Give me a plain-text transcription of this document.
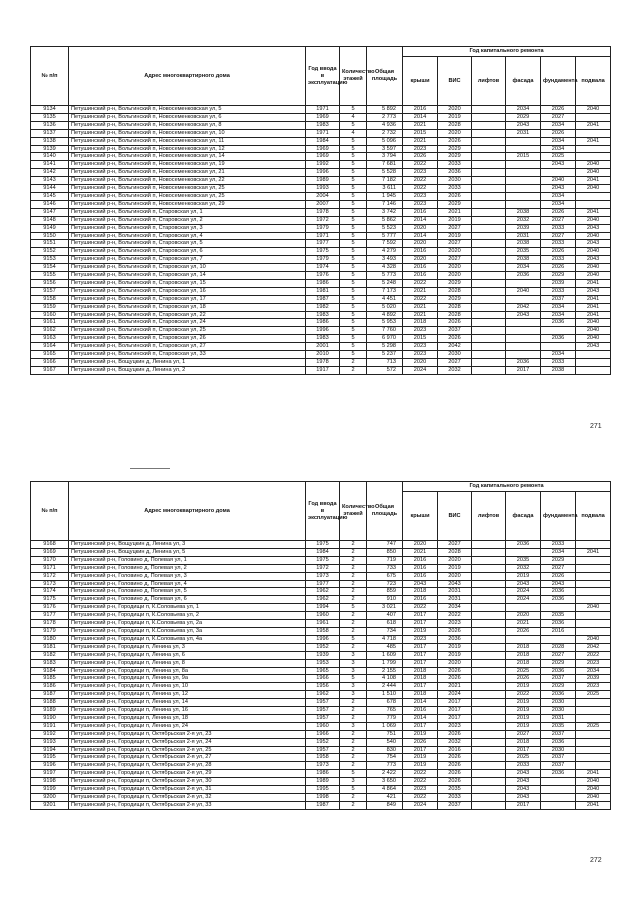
№ п/п	Адрес многоквартирного дома	Год ввода в эксплуатацию	Количество этажей	Общая площадь	Год капитального ремонта					
					крыши	ВИС	лифтов	фасада	фундамента	подвала
9134	Петушинский р-н, Вольгинский п, Новосеменковская ул, 5	1971	5	5 892	2016	2020		2034	2026	2040
9135	Петушинский р-н, Вольгинский п, Новосеменковская ул, 6	1969	4	2 773	2014	2019		2029	2027	
9136	Петушинский р-н, Вольгинский п, Новосеменковская ул, 8	1983	5	4 936	2021	2028		2043	2034	2041
9137	Петушинский р-н, Вольгинский п, Новосеменковская ул, 10	1971	4	2 732	2015	2020		2031	2026	
9138	Петушинский р-н, Вольгинский п, Новосеменковская ул, 11	1984	5	5 096	2021	2026			2034	2041
9139	Петушинский р-н, Вольгинский п, Новосеменковская ул, 12	1969	5	3 597	2023	2029			2034	
9140	Петушинский р-н, Вольгинский п, Новосеменковская ул, 14	1969	5	3 794	2026	2029		2015	2025	
9141	Петушинский р-н, Вольгинский п, Новосеменковская ул, 19	1992	5	7 681	2022	2033			2043	2040
9142	Петушинский р-н, Вольгинский п, Новосеменковская ул, 21	1996	5	5 528	2023	2036				2040
9143	Петушинский р-н, Вольгинский п, Новосеменковская ул, 22	1989	5	7 182	2022	2030			2040	2041
9144	Петушинский р-н, Вольгинский п, Новосеменковская ул, 25	1993	5	3 611	2022	2033			2043	2040
9145	Петушинский р-н, Вольгинский п, Новосеменковская ул, 25	2004	5	1 945	2023	2026			2034	
9146	Петушинский р-н, Вольгинский п, Новосеменковская ул, 29	2007	5	7 146	2023	2029			2034	
9147	Петушинский р-н, Вольгинский п, Старовская ул, 1	1978	5	3 742	2016	2021		2038	2026	2041
9148	Петушинский р-н, Вольгинский п, Старовская ул, 2	1972	5	5 862	2014	2019		2032	2027	2040
9149	Петушинский р-н, Вольгинский п, Старовская ул, 3	1979	5	5 523	2020	2027		2039	2033	2043
9150	Петушинский р-н, Вольгинский п, Старовская ул, 4	1971	5	5 777	2014	2019		2031	2027	2040
9151	Петушинский р-н, Вольгинский п, Старовская ул, 5	1977	5	7 592	2020	2027		2038	2033	2043
9152	Петушинский р-н, Вольгинский п, Старовская ул, 6	1975	5	4 279	2016	2020		2035	2026	2040
9153	Петушинский р-н, Вольгинский п, Старовская ул, 7	1979	5	3 493	2020	2027		2038	2033	2043
9154	Петушинский р-н, Вольгинский п, Старовская ул, 10	1974	5	4 328	2016	2020		2034	2026	2040
9155	Петушинский р-н, Вольгинский п, Старовская ул, 14	1976	5	5 773	2016	2020		2036	2029	2040
9156	Петушинский р-н, Вольгинский п, Старовская ул, 15	1986	5	5 248	2022	2029			2039	2041
9157	Петушинский р-н, Вольгинский п, Старовская ул, 16	1981	5	7 173	2021	2028		2040	2033	2043
9158	Петушинский р-н, Вольгинский п, Старовская ул, 17	1987	5	4 451	2022	2029			2037	2041
9159	Петушинский р-н, Вольгинский п, Старовская ул, 18	1982	5	5 020	2021	2028		2042	2034	2041
9160	Петушинский р-н, Вольгинский п, Старовская ул, 22	1983	5	4 892	2021	2028		2043	2034	2041
9161	Петушинский р-н, Вольгинский п, Старовская ул, 24	1986	5	5 953	2018	2026			2036	2040
9162	Петушинский р-н, Вольгинский п, Старовская ул, 25	1996	5	7 760	2023	2037				2040
9163	Петушинский р-н, Вольгинский п, Старовская ул, 26	1983	5	6 970	2015	2026			2036	2040
9164	Петушинский р-н, Вольгинский п, Старовская ул, 27	2001	5	5 298	2023	2042				2043
9165	Петушинский р-н, Вольгинский п, Старовская ул, 33	2010	5	5 237	2023	2030			2034	
9166	Петушинский р-н, Вощуцкин д, Ленина ул, 1	1978	2	713	2020	2027		2036	2033	
9167	Петушинский р-н, Вощуцкин д, Ленина ул, 2	1917	2	572	2024	2032		2017	2038	
271
№ п/п	Адрес многоквартирного дома	Год ввода в эксплуатацию	Количество этажей	Общая площадь	Год капитального ремонта					
					крыши	ВИС	лифтов	фасада	фундамента	подвала
9168	Петушинский р-н, Вощуцкин д, Ленина ул, 3	1975	2	747	2020	2027		2036	2033	
9169	Петушинский р-н, Вощуцкин д, Ленина ул, 5	1984	2	850	2021	2028			2034	2041
9170	Петушинский р-н, Головино д, Полевая ул, 1	1975	2	719	2016	2020		2035	2029	
9171	Петушинский р-н, Головино д, Полевая ул, 2	1972	2	733	2016	2019		2032	2027	
9172	Петушинский р-н, Головино д, Полевая ул, 3	1973	2	675	2016	2020		2019	2026	
9173	Петушинский р-н, Головино д, Полевая ул, 4	1977	2	723	2043	2043		2043	2043	
9174	Петушинский р-н, Головино д, Полевая ул, 5	1962	2	859	2018	2031		2024	2036	
9175	Петушинский р-н, Головино д, Полевая ул, 6	1962	2	910	2016	2031		2024	2036	
9176	Петушинский р-н, Городищи п, К.Соловьева ул, 1	1994	5	3 021	2022	2034				2040
9177	Петушинский р-н, Городищи п, К.Соловьева ул, 2	1960	2	407	2017	2022		2020	2035	
9178	Петушинский р-н, Городищи п, К.Соловьева ул, 2а	1961	2	618	2017	2023		2021	2036	
9179	Петушинский р-н, Городищи п, К.Соловьева ул, 3а	1958	2	734	2019	2026		2026	2016	
9180	Петушинский р-н, Городищи п, К.Соловьева ул, 4а	1996	5	4 718	2023	2036				2040
9181	Петушинский р-н, Городищи п, Ленина ул, 3	1952	2	485	2017	2019		2018	2028	2042
9182	Петушинский р-н, Городищи п, Ленина ул, 6	1939	3	1 609	2017	2019		2018	2027	2022
9183	Петушинский р-н, Городищи п, Ленина ул, 8	1953	3	1 799	2017	2020		2018	2029	2023
9184	Петушинский р-н, Городищи п, Ленина ул, 8а	1965	3	2 155	2018	2026		2025	2036	2034
9185	Петушинский р-н, Городищи п, Ленина ул, 9а	1966	5	4 108	2018	2026		2026	2037	2039
9186	Петушинский р-н, Городищи п, Ленина ул, 10	1956	3	2 444	2017	2021		2019	2029	2023
9187	Петушинский р-н, Городищи п, Ленина ул, 12	1962	3	1 510	2018	2024		2022	2036	2025
9188	Петушинский р-н, Городищи п, Ленина ул, 14	1957	2	678	2014	2017		2019	2030	
9189	Петушинский р-н, Городищи п, Ленина ул, 16	1957	2	765	2016	2017		2019	2030	
9190	Петушинский р-н, Городищи п, Ленина ул, 18	1957	2	779	2014	2017		2019	2031	
9191	Петушинский р-н, Городищи п, Ленина ул, 24	1960	3	1 069	2017	2023		2019	2035	2025
9192	Петушинский р-н, Городищи п, Октябрьская 2-я ул, 23	1966	2	751	2019	2026		2027	2037	
9193	Петушинский р-н, Городищи п, Октябрьская 2-я ул, 24	1952	2	540	2026	2032		2018	2036	
9194	Петушинский р-н, Городищи п, Октябрьская 2-я ул, 25	1957	2	830	2017	2016		2017	2030	
9195	Петушинский р-н, Городищи п, Октябрьская 2-я ул, 27	1958	2	754	2019	2026		2025	2037	
9196	Петушинский р-н, Городищи п, Октябрьская 2-я ул, 28	1973	2	773	2019	2026		2033	2037	
9197	Петушинский р-н, Городищи п, Октябрьская 2-я ул, 29	1986	5	2 422	2022	2026		2043	2036	2041
9198	Петушинский р-н, Городищи п, Октябрьская 2-я ул, 30	1989	3	3 650	2022	2026		2043		2040
9199	Петушинский р-н, Городищи п, Октябрьская 2-я ул, 31	1995	5	4 864	2023	2035		2043		2040
9200	Петушинский р-н, Городищи п, Октябрьская 2-я ул, 32	1998	2	421	2022	2033		2043		2040
9201	Петушинский р-н, Городищи п, Октябрьская 2-я ул, 33	1987	2	849	2024	2037		2017		2041
272
